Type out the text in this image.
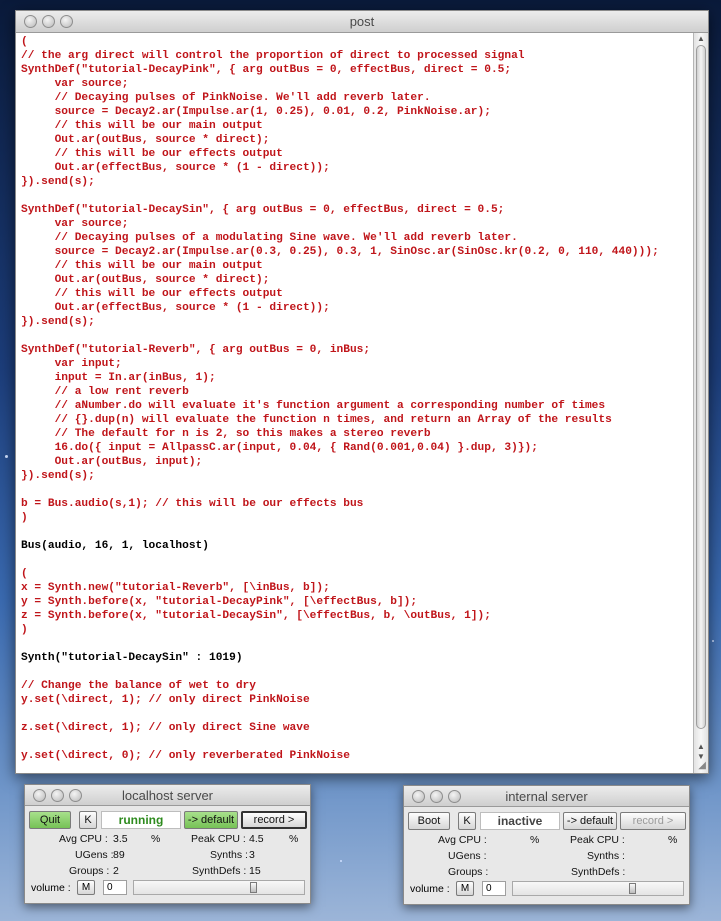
post
(
// the arg direct will control the proportion of direct to processed signal
SynthDef("tutorial-DecayPink", { arg outBus = 0, effectBus, direct = 0.5;
var source;
// Decaying pulses of PinkNoise. We'll add reverb later.
source = Decay2.ar(Impulse.ar(1, 0.25), 0.01, 0.2, PinkNoise.ar);
// this will be our main output
Out.ar(outBus, source * direct);
// this will be our effects output
Out.ar(effectBus, source * (1 - direct));
}).send(s);
SynthDef("tutorial-DecaySin", { arg outBus = 0, effectBus, direct = 0.5;
var source;
// Decaying pulses of a modulating Sine wave. We'll add reverb later.
source = Decay2.ar(Impulse.ar(0.3, 0.25), 0.3, 1, SinOsc.ar(SinOsc.kr(0.2, 0, 110, 440)));
// this will be our main output
Out.ar(outBus, source * direct);
// this will be our effects output
Out.ar(effectBus, source * (1 - direct));
}).send(s);
SynthDef("tutorial-Reverb", { arg outBus = 0, inBus;
var input;
input = In.ar(inBus, 1);
// a low rent reverb
// aNumber.do will evaluate it's function argument a corresponding number of times
// {}.dup(n) will evaluate the function n times, and return an Array of the results
// The default for n is 2, so this makes a stereo reverb
16.do({ input = AllpassC.ar(input, 0.04, { Rand(0.001,0.04) }.dup, 3)});
Out.ar(outBus, input);
}).send(s);
b = Bus.audio(s,1); // this will be our effects bus
)
Bus(audio, 16, 1, localhost)
(
x = Synth.new("tutorial-Reverb", [\inBus, b]);
y = Synth.before(x, "tutorial-DecayPink", [\effectBus, b]);
z = Synth.before(x, "tutorial-DecaySin", [\effectBus, b, \outBus, 1]);
)
Synth("tutorial-DecaySin" : 1019)
// Change the balance of wet to dry
y.set(\direct, 1); // only direct PinkNoise
z.set(\direct, 1); // only direct Sine wave
y.set(\direct, 0); // only reverberated PinkNoise
▲
▲
▼
◢
localhost server
Quit	K	running	-> default	record >
Avg CPU : 3.5 %	Peak CPU : 4.5 %
UGens : 89	Synths : 3
Groups : 2	SynthDefs : 15
volume :	M	0
internal server
Boot	K	inactive	-> default	record >
Avg CPU :	%	Peak CPU :	%
UGens :	Synths :
Groups :	SynthDefs :
volume :	M	0
